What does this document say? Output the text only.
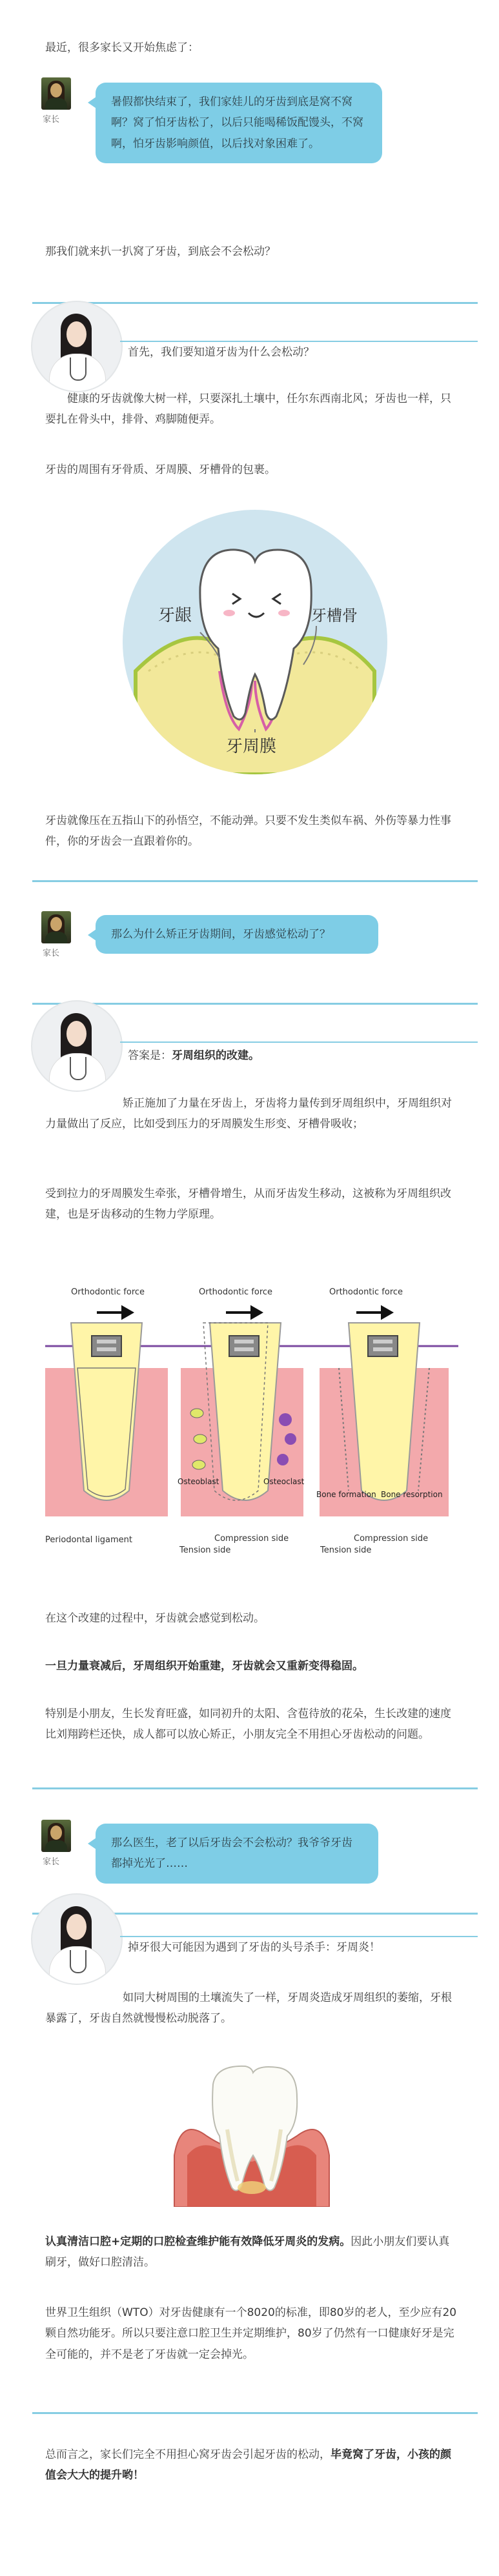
最近，很多家长又开始焦虑了：
家长
暑假都快结束了，我们家娃儿的牙齿到底是窝不窝啊？窝了怕牙齿松了，以后只能喝稀饭配馒头，不窝啊，怕牙齿影响颜值，以后找对象困难了。
那我们就来扒一扒窝了牙齿，到底会不会松动？
首先，我们要知道牙齿为什么会松动？
健康的牙齿就像大树一样，只要深扎土壤中，任尔东西南北风；牙齿也一样，只要扎在骨头中，排骨、鸡脚随便弄。
牙齿的周围有牙骨质、牙周膜、牙槽骨的包裹。
牙龈	牙槽骨
牙周膜
牙齿就像压在五指山下的孙悟空，不能动弹。只要不发生类似车祸、外伤等暴力性事件，你的牙齿会一直跟着你的。
家长
那么为什么矫正牙齿期间，牙齿感觉松动了？
答案是：牙周组织的改建。
矫正施加了力量在牙齿上，牙齿将力量传到牙周组织中，牙周组织对力量做出了反应，比如受到压力的牙周膜发生形变、牙槽骨吸收；
受到拉力的牙周膜发生牵张，牙槽骨增生，从而牙齿发生移动，这被称为牙周组织改建，也是牙齿移动的生物力学原理。
Orthodontic force	Orthodontic force	Orthodontic force
Osteoblast	Osteoclast
Bone formation Bone resorption
Periodontal ligament	Compression side
Tension side
Compression side
Tension side
在这个改建的过程中，牙齿就会感觉到松动。
一旦力量衰减后，牙周组织开始重建，牙齿就会又重新变得稳固。
特别是小朋友，生长发育旺盛，如同初升的太阳、含苞待放的花朵，生长改建的速度比刘翔跨栏还快，成人都可以放心矫正，小朋友完全不用担心牙齿松动的问题。
家长
那么医生，老了以后牙齿会不会松动？我爷爷牙齿都掉光光了……
掉牙很大可能因为遇到了牙齿的头号杀手：牙周炎！
如同大树周围的土壤流失了一样，牙周炎造成牙周组织的萎缩，牙根暴露了，牙齿自然就慢慢松动脱落了。
认真清洁口腔+定期的口腔检查维护能有效降低牙周炎的发病。因此小朋友们要认真刷牙，做好口腔清洁。
世界卫生组织（WTO）对牙齿健康有一个8020的标准，即80岁的老人，至少应有20颗自然功能牙。所以只要注意口腔卫生并定期维护，80岁了仍然有一口健康好牙是完全可能的，并不是老了牙齿就一定会掉光。
总而言之，家长们完全不用担心窝牙齿会引起牙齿的松动，毕竟窝了牙齿，小孩的颜值会大大的提升哟！
